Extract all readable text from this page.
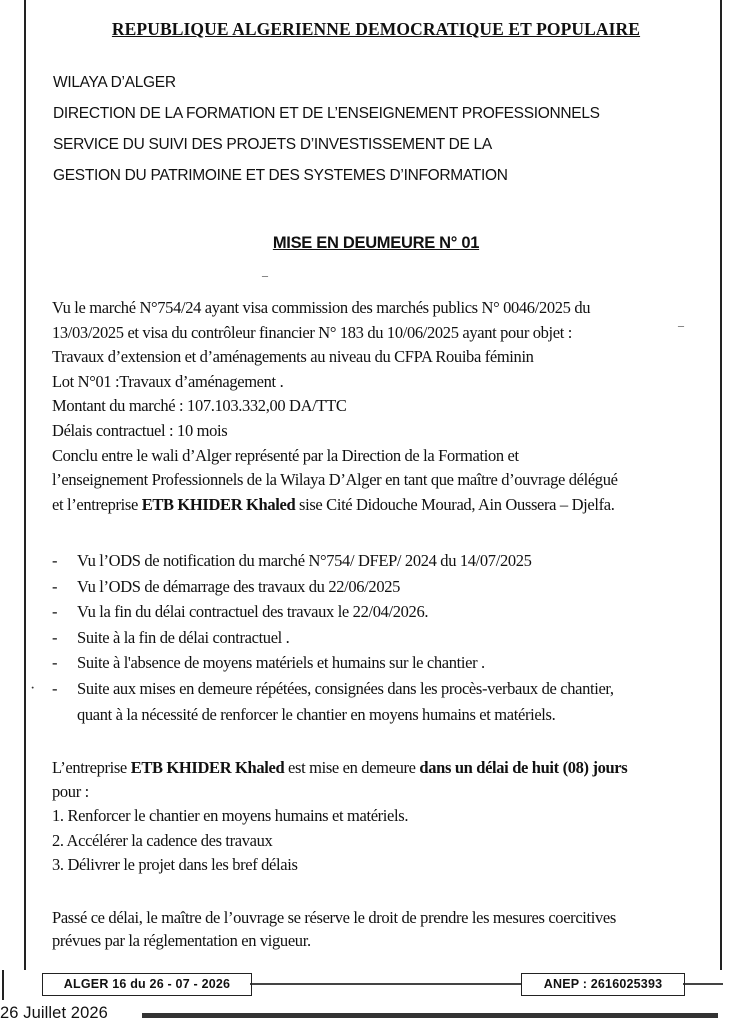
REPUBLIQUE ALGERIENNE DEMOCRATIQUE ET POPULAIRE
WILAYA D’ALGER
DIRECTION DE LA FORMATION ET DE L’ENSEIGNEMENT PROFESSIONNELS
SERVICE DU SUIVI DES PROJETS D’INVESTISSEMENT DE LA
GESTION DU PATRIMOINE ET DES SYSTEMES D’INFORMATION
MISE EN DEUMEURE N° 01
–
–
Vu le marché N°754/24 ayant visa commission des marchés publics N° 0046/2025 du
13/03/2025 et visa du contrôleur financier N° 183 du 10/06/2025 ayant pour objet :
Travaux d’extension et d’aménagements au niveau du CFPA Rouiba féminin
Lot N°01 :Travaux d’aménagement .
Montant du marché : 107.103.332,00 DA/TTC
Délais contractuel : 10 mois
Conclu entre le wali d’Alger représenté par la Direction de la Formation et
l’enseignement Professionnels de la Wilaya D’Alger en tant que maître d’ouvrage délégué
et l’entreprise ETB KHIDER Khaled sise Cité Didouche Mourad, Ain Oussera – Djelfa.
- Vu l’ODS de notification du marché N°754/ DFEP/ 2024 du 14/07/2025
- Vu l’ODS de démarrage des travaux du 22/06/2025
- Vu la fin du délai contractuel des travaux le 22/04/2026.
- Suite à la fin de délai contractuel .
- Suite à l'absence de moyens matériels et humains sur le chantier .
- Suite aux mises en demeure répétées, consignées dans les procès-verbaux de chantier,
quant à la nécessité de renforcer le chantier en moyens humains et matériels.
·
L’entreprise ETB KHIDER Khaled est mise en demeure dans un délai de huit (08) jours
pour :
1. Renforcer le chantier en moyens humains et matériels.
2. Accélérer la cadence des travaux
3. Délivrer le projet dans les bref délais
Passé ce délai, le maître de l’ouvrage se réserve le droit de prendre les mesures coercitives
prévues par la réglementation en vigueur.
ALGER 16 du 26 - 07 - 2026	ANEP : 2616025393
26 Juillet 2026
